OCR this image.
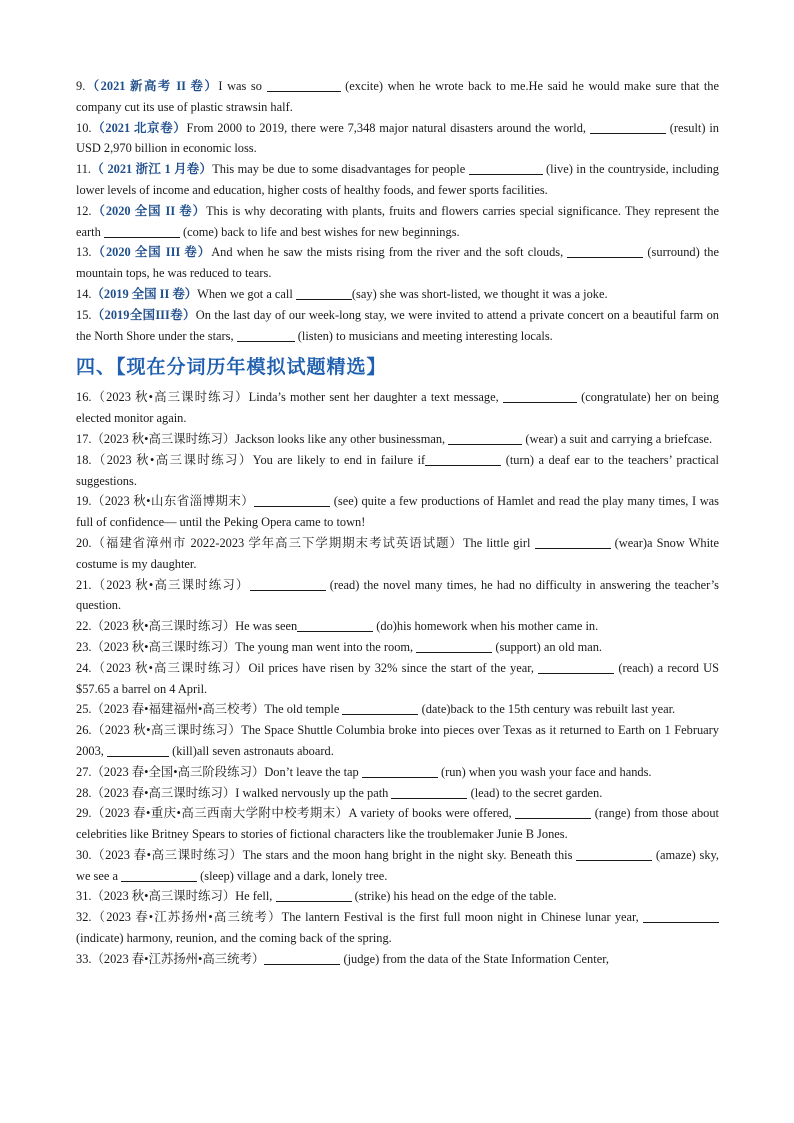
9.（2021 新高考 II 卷）I was so	(excite) when he wrote back to me.He said he would make sure that the company cut its use of plastic strawsin half.

10.（2021 北京卷）From 2000 to 2019, there were 7,348 major natural disasters around the world,	(result) in USD 2,970 billion in economic loss.

11.（ 2021 浙江 1 月卷）This may be due to some disadvantages for people	(live) in the countryside, including lower levels of income and education, higher costs of healthy foods, and fewer sports facilities.

12.（2020 全国 II 卷）This is why decorating with plants, fruits and flowers carries special significance. They represent the earth	(come) back to life and best wishes for new beginnings.

13.（2020 全国 III 卷）And when he saw the mists rising from the river and the soft clouds,	(surround) the mountain tops, he was reduced to tears.

14.（2019 全国 II 卷）When we got a call	(say) she was short-listed, we thought it was a joke.

15.（2019全国III卷）On the last day of our week-long stay, we were invited to attend a private concert on a beautiful farm on the North Shore under the stars,	(listen) to musicians and meeting interesting locals.

四、【现在分词历年模拟试题精选】

16.（2023 秋•高三课时练习）Linda’s mother sent her daughter a text message,	(congratulate) her on being elected monitor again.

17.（2023 秋•高三课时练习）Jackson looks like any other businessman,	(wear) a suit and carrying a briefcase.

18.（2023 秋•高三课时练习）You are likely to end in failure if	(turn) a deaf ear to the teachers’ practical suggestions.

19.（2023 秋•山东省淄博期末）	(see) quite a few productions of Hamlet and read the play many times, I was full of confidence— until the Peking Opera came to town!

20.（福建省漳州市 2022-2023 学年高三下学期期末考试英语试题）The little girl	(wear)a Snow White costume is my daughter.

21.（2023 秋•高三课时练习）	(read) the novel many times, he had no difficulty in answering the teacher’s question.

22.（2023 秋•高三课时练习）He was seen	(do)his homework when his mother came in.

23.（2023 秋•高三课时练习）The young man went into the room,	(support) an old man.

24.（2023 秋•高三课时练习）Oil prices have risen by 32% since the start of the year,	(reach) a record US $57.65 a barrel on 4 April.

25.（2023 春•福建福州•高三校考）The old temple	(date)back to the 15th century was rebuilt last year.

26.（2023 秋•高三课时练习）The Space Shuttle Columbia broke into pieces over Texas as it returned to Earth on 1 February 2003,	(kill)all seven astronauts aboard.

27.（2023 春•全国•高三阶段练习）Don’t leave the tap	(run) when you wash your face and hands.

28.（2023 春•高三课时练习）I walked nervously up the path	(lead) to the secret garden.

29.（2023 春•重庆•高三西南大学附中校考期末）A variety of books were offered,	(range) from those about celebrities like Britney Spears to stories of fictional characters like the troublemaker Junie B Jones.

30.（2023 春•高三课时练习）The stars and the moon hang bright in the night sky. Beneath this	(amaze) sky, we see a	(sleep) village and a dark, lonely tree.

31.（2023 秋•高三课时练习）He fell,	(strike) his head on the edge of the table.

32.（2023 春•江苏扬州•高三统考）The lantern Festival is the first full moon night in Chinese lunar year,  (indicate) harmony, reunion, and the coming back of the spring.

33.（2023 春•江苏扬州•高三统考）	(judge) from the data of the State Information Center,
